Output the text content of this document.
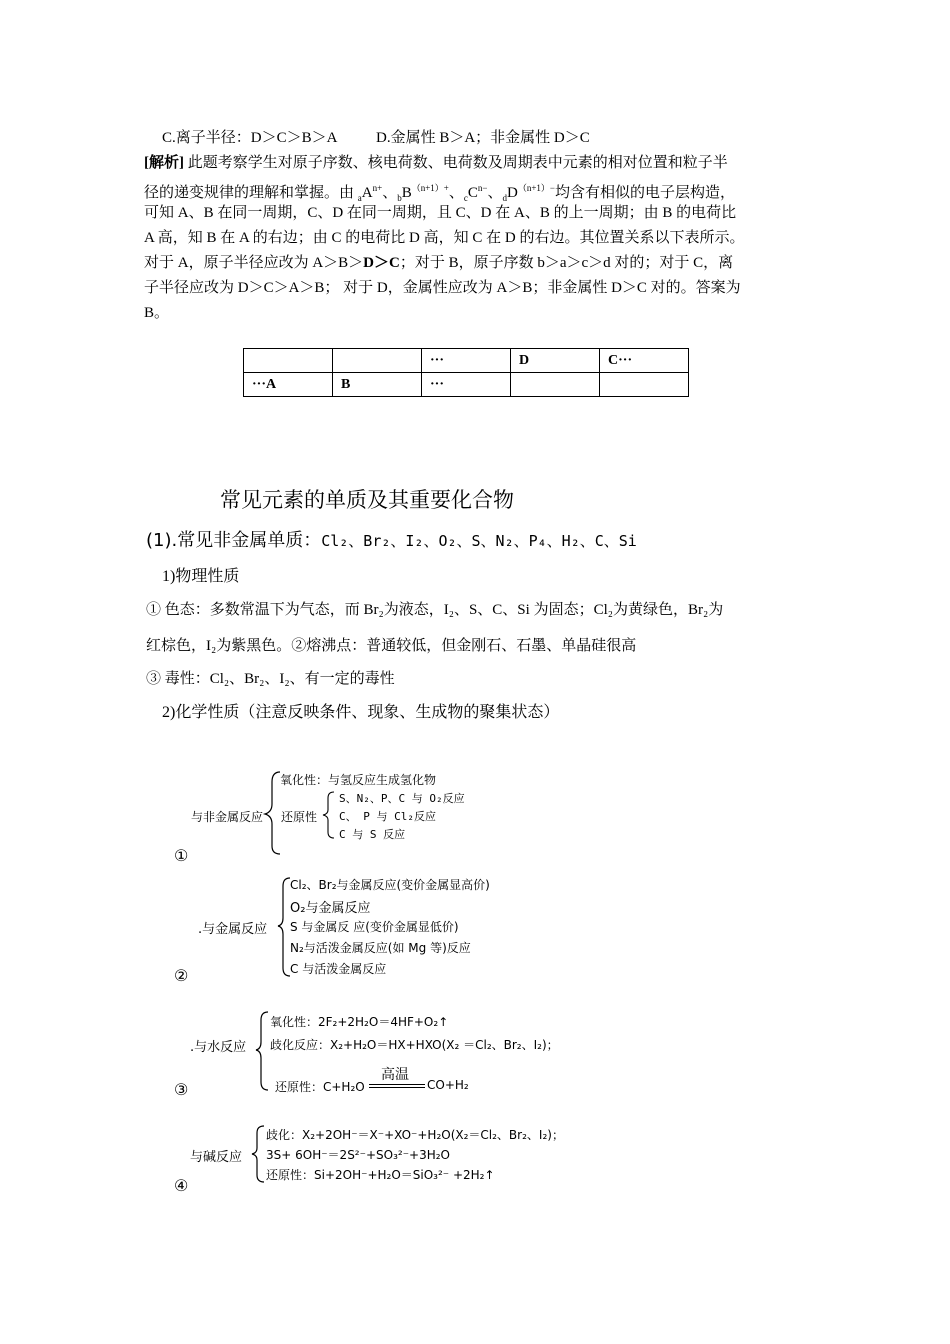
C.离子半径：D＞C＞B＞A	D.金属性 B＞A；非金属性 D＞C
[解析] 此题考察学生对原子序数、核电荷数、电荷数及周期表中元素的相对位置和粒子半
径的递变规律的理解和掌握。由 $_aA^{n+}$、$_bB^{(n+1)+}$、$_cC^{n-}$、$_dD^{(n+1)-}$均含有相似的电子层构造，
可知 A、B 在同一周期，C、D 在同一周期，且 C、D 在 A、B 的上一周期；由 B 的电荷比
A 高，知 B 在 A 的右边；由 C 的电荷比 D 高，知 C 在 D 的右边。其位置关系以下表所示。
对于 A，原子半径应改为 A＞B＞D＞C；对于 B，原子序数 b＞a＞c＞d 对的；对于 C，离
子半径应改为 D＞C＞A＞B； 对于 D，金属性应改为 A＞B；非金属性 D＞C 对的。答案为
B。
		···	D	C···
···A	B	···		
常见元素的单质及其重要化合物
(1).常见非金属单质：Cl₂、Br₂、I₂、O₂、S、N₂、P₄、H₂、C、Si
1)物理性质
① 色态：多数常温下为气态，而 Br₂为液态，I₂、S、C、Si 为固态；Cl₂为黄绿色，Br₂为
红棕色，I₂为紫黑色。②熔沸点：普通较低，但金刚石、石墨、单晶硅很高
③ 毒性：Cl₂、Br₂、I₂、有一定的毒性
2)化学性质（注意反映条件、现象、生成物的聚集状态）
与非金属反应
氧化性：与氢反应生成氢化物
还原性
S、N₂、P、C 与 O₂反应
C、 P 与 Cl₂反应
C 与 S 反应
①
.与金属反应
Cl₂、Br₂与金属反应(变价金属显高价)
O₂与金属反应
S 与金属反 应(变价金属显低价)
N₂与活泼金属反应(如 Mg 等)反应
C 与活泼金属反应
②
.与水反应
氧化性：2F₂+2H₂O＝4HF+O₂↑
歧化反应：X₂+H₂O＝HX+HXO(X₂ ＝Cl₂、Br₂、I₂)；
还原性：C+H₂O
高温
CO+H₂
③
与碱反应
歧化：X₂+2OH⁻＝X⁻+XO⁻+H₂O(X₂＝Cl₂、Br₂、I₂)；
3S+ 6OH⁻＝2S²⁻+SO₃²⁻+3H₂O
还原性：Si+2OH⁻+H₂O＝SiO₃²⁻ +2H₂↑
④
